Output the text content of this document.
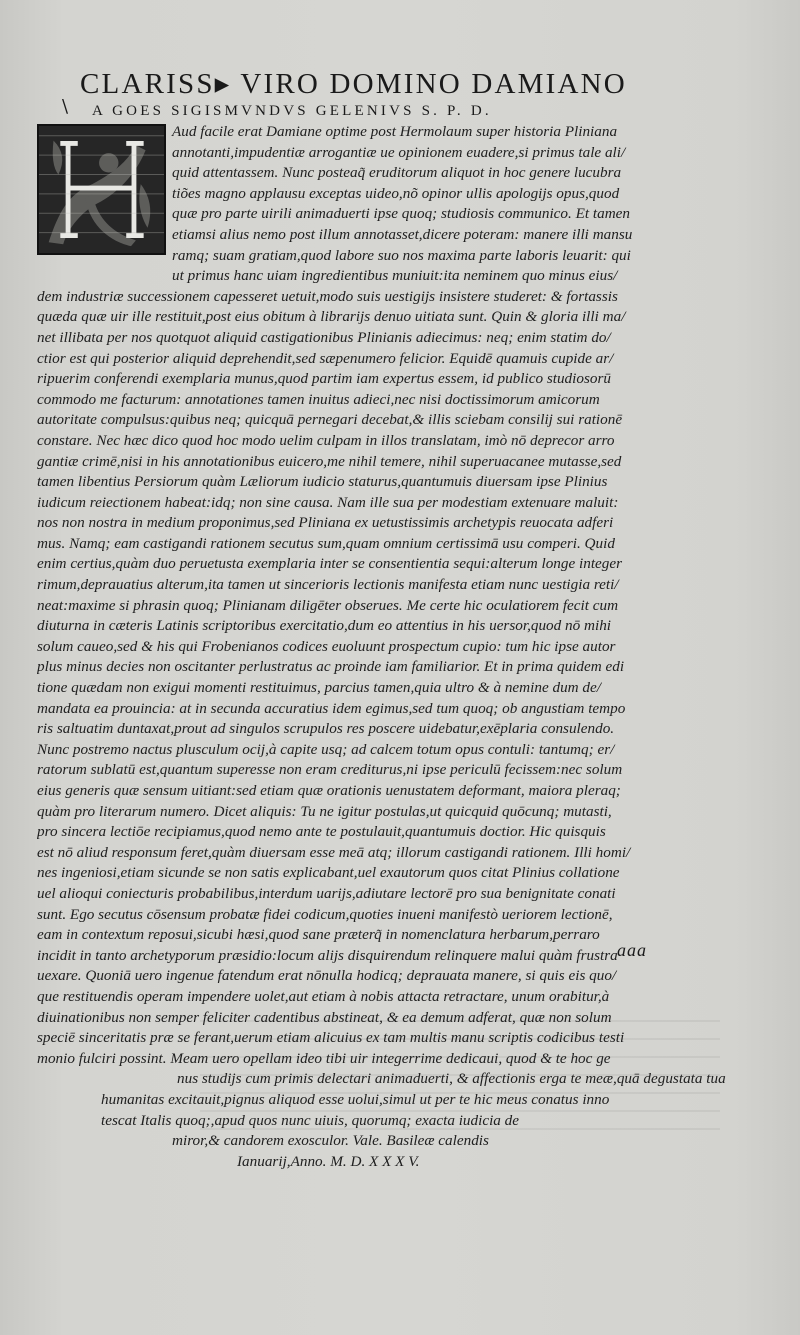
CLARISS▸ VIRO DOMINO DAMIANO
\ A GOES SIGISMVNDVS GELENIVS S. P. D.
Aud facile erat Damiane optime post Hermolaum super historia Pliniana
annotanti,impudentiæ arrogantiæ ue opinionem euadere,si primus tale ali/
quid attentassem. Nunc posteaq̃ eruditorum aliquot in hoc genere lucubra
tiões magno applausu exceptas uideo,nõ opinor ullis apologijs opus,quod
quæ pro parte uirili animaduerti ipse quoq; studiosis communico. Et tamen
etiamsi alius nemo post illum annotasset,dicere poteram: manere illi mansu
ramq; suam gratiam,quod labore suo nos maxima parte laboris leuarit: qui
ut primus hanc uiam ingredientibus muniuit:ita neminem quo minus eius/
dem industriæ successionem capesseret uetuit,modo suis uestigijs insistere studeret: & fortassis
quæda quæ uir ille restituit,post eius obitum à librarijs denuo uitiata sunt. Quin & gloria illi ma/
net illibata per nos quotquot aliquid castigationibus Plinianis adiecimus: neq; enim statim do/
ctior est qui posterior aliquid deprehendit,sed sæpenumero felicior. Equidē quamuis cupide ar/
ripuerim conferendi exemplaria munus,quod partim iam expertus essem, id publico studiosorū
commodo me facturum: annotationes tamen inuitus adieci,nec nisi doctissimorum amicorum
autoritate compulsus:quibus neq; quicquā pernegari decebat,& illis sciebam consilij sui rationē
constare. Nec hæc dico quod hoc modo uelim culpam in illos translatam, imò nō deprecor arro
gantiæ crimē,nisi in his annotationibus euicero,me nihil temere, nihil superuacanee mutasse,sed
tamen libentius Persiorum quàm Læliorum iudicio staturus,quantumuis diuersam ipse Plinius
iudicum reiectionem habeat:idq; non sine causa. Nam ille sua per modestiam extenuare maluit:
nos non nostra in medium proponimus,sed Pliniana ex uetustissimis archetypis reuocata adferi
mus. Namq; eam castigandi rationem secutus sum,quam omnium certissimā usu comperi. Quid
enim certius,quàm duo peruetusta exemplaria inter se consentientia sequi:alterum longe integer
rimum,deprauatius alterum,ita tamen ut sincerioris lectionis manifesta etiam nunc uestigia reti/
neat:maxime si phrasin quoq; Plinianam diligēter obserues. Me certe hic oculatiorem fecit cum
diuturna in cæteris Latinis scriptoribus exercitatio,dum eo attentius in his uersor,quod nō mihi
solum caueo,sed & his qui Frobenianos codices euoluunt prospectum cupio: tum hic ipse autor
plus minus decies non oscitanter perlustratus ac proinde iam familiarior. Et in prima quidem edi
tione quædam non exigui momenti restituimus, parcius tamen,quia ultro & à nemine dum de/
mandata ea prouincia: at in secunda accuratius idem egimus,sed tum quoq; ob angustiam tempo
ris saltuatim duntaxat,prout ad singulos scrupulos res poscere uidebatur,exēplaria consulendo.
Nunc postremo nactus plusculum ocij,à capite usq; ad calcem totum opus contuli: tantumq; er/
ratorum sublatū est,quantum superesse non eram crediturus,ni ipse periculū fecissem:nec solum
eius generis quæ sensum uitiant:sed etiam quæ orationis uenustatem deformant, maiora pleraq;
quàm pro literarum numero. Dicet aliquis: Tu ne igitur postulas,ut quicquid quōcunq; mutasti,
pro sincera lectiōe recipiamus,quod nemo ante te postulauit,quantumuis doctior. Hic quisquis
est nō aliud responsum feret,quàm diuersam esse meā atq; illorum castigandi rationem. Illi homi/
nes ingeniosi,etiam sicunde se non satis explicabant,uel exautorum quos citat Plinius collatione
uel alioqui coniecturis probabilibus,interdum uarijs,adiutare lectorē pro sua benignitate conati
sunt. Ego secutus cōsensum probatæ fidei codicum,quoties inueni manifestò ueriorem lectionē,
eam in contextum reposui,sicubi hæsi,quod sane præterq̃ in nomenclatura herbarum,perraro
incidit in tanto archetyporum præsidio:locum alijs disquirendum relinquere malui quàm frustra
uexare. Quoniā uero ingenue fatendum erat nōnulla hodicq; deprauata manere, si quis eis quo/
que restituendis operam impendere uolet,aut etiam à nobis attacta retractare, unum orabitur,à
diuinationibus non semper feliciter cadentibus abstineat, & ea demum adferat, quæ non solum
speciē sinceritatis præ se ferant,uerum etiam alicuius ex tam multis manu scriptis codicibus testi
monio fulciri possint. Meam uero opellam ideo tibi uir integerrime dedicaui, quod & te hoc ge
nus studijs cum primis delectari animaduerti, & affectionis erga te meæ,quā degustata tua
humanitas excitauit,pignus aliquod esse uolui,simul ut per te hic meus conatus inno
tescat Italis quoq;,apud quos nunc uiuis, quorumq; exacta iudicia de
miror,& candorem exosculor. Vale. Basileæ calendis
Ianuarij,Anno. M. D. X X X V.
aaa
